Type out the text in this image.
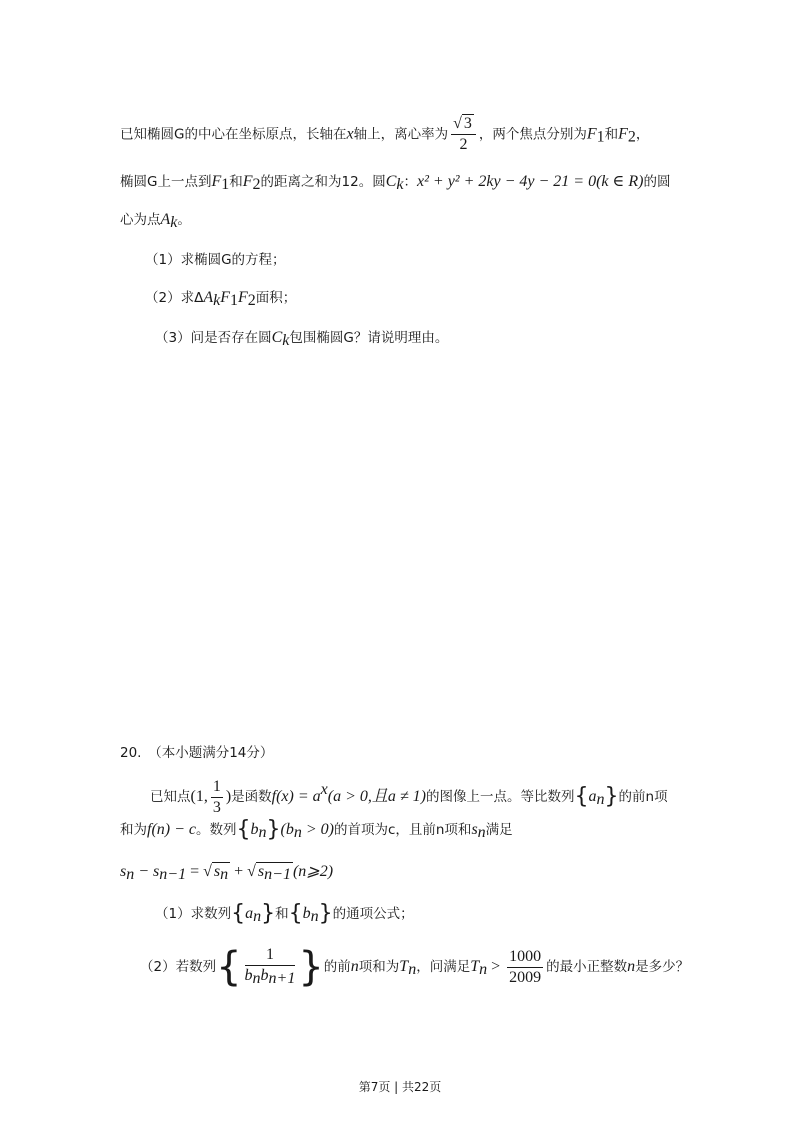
已知椭圆G的中心在坐标原点，长轴在x轴上，离心率为 $\frac{√ 3}{2}$ ，两个焦点分别为$F_1$和$F_2$，
椭圆G上一点到$F_1$和$F_2$的距离之和为12。圆$C_k$：x² + y² + 2ky − 4y − 21 = 0(k ∈ R)的圆
心为点$A_k$。
（1）求椭圆G的方程；
（2）求$\Delta A_kF_1F_2$面积；
（3）问是否存在圆$C_k$包围椭圆G？请说明理由。
20.　（本小题满分14分）
已知点(1, $\frac{1}{3}$ )是函数$f(x) = a^x(a > 0$,且a ≠ 1)的图像上一点。等比数列$\{a_n\}$的前n项
和为f(n) − c。数列$\{b_n\}(b_n > 0)$的首项为c，且前n项和$s_n$满足
$s_n - s_{n-1}$ = √ $s_n$ + √ $s_{n-1}$ (n⩾2)
（1）求数列$\{a_n\}$和$\{b_n\}$的通项公式；
（2）若数列{ $\frac{1}{b_nb_{n+1}}$ }的前n项和为$T_n$，问满足$T_n > \frac{1000}{2009}$ 的最小正整数n是多少？
第7页 | 共22页
